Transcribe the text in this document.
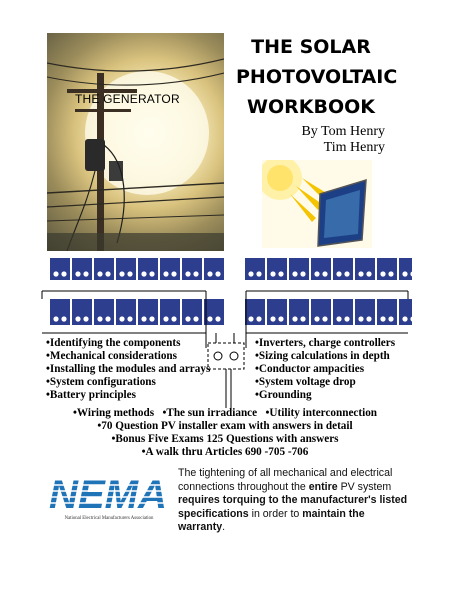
THE GENERATOR
THE SOLAR
PHOTOVOLTAIC
WORKBOOK
By Tom Henry
Tim Henry
•Identifying the components
•Mechanical considerations
•Installing the modules and arrays
•System configurations
•Battery principles
•Inverters, charge controllers
•Sizing calculations in depth
•Conductor ampacities
•System voltage drop
•Grounding
•Wiring methods   •The sun irradiance   •Utility interconnection
•70 Question PV installer exam with answers in detail
•Bonus Five Exams 125 Questions with answers
•A walk thru Articles 690 -705 -706
NEMA
National Electrical Manufacturers Association
The tightening of all mechanical and electrical connections throughout the entire PV system requires torquing to the manufacturer's listed specifications in order to maintain the warranty.
